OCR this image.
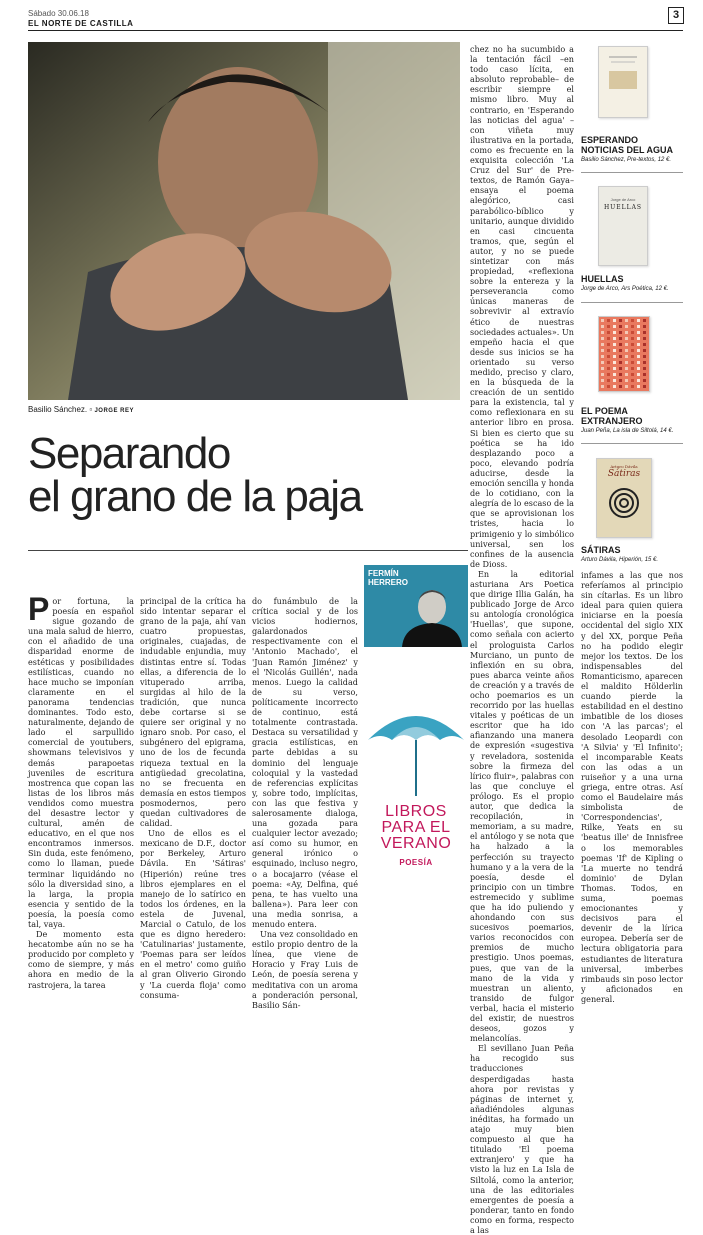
Sábado 30.06.18
EL NORTE DE CASTILLA
3
Basilio Sánchez. ▫ JORGE REY
Separando
el grano de la paja

Por fortuna, la poesía en español sigue gozando de una mala salud de hierro, con el añadido de una disparidad enorme de estéticas y posibilidades estilísticas, cuando no hace mucho se imponían claramente en el panorama tendencias dominantes. Todo esto, naturalmente, dejando de lado el sarpullido comercial de youtubers, showmans televisivos y demás parapoetas juveniles de escritura mostrenca que copan las listas de los libros más vendidos como muestra del desastre lector y cultural, amén de educativo, en el que nos encontramos inmersos. Sin duda, este fenómeno, como lo llaman, puede terminar liquidándo no sólo la diversidad sino, a la larga, la propia esencia y sentido de la poesía, la poesía como tal, vaya.

De momento esta hecatombe aún no se ha producido por completo y como de siempre, y más ahora en medio de la rastrojera, la tarea

principal de la crítica ha sido intentar separar el grano de la paja, ahí van cuatro propuestas, originales, cuajadas, de indudable enjundia, muy distintas entre sí. Todas ellas, a diferencia de lo vituperado arriba, surgidas al hilo de la tradición, que nunca debe cortarse si se quiere ser original y no ignaro snob. Por caso, el subgénero del epigrama, uno de los de fecunda riqueza textual en la antigüedad grecolatina, no se frecuenta en demasía en estos tiempos posmodernos, pero quedan cultivadores de calidad.

Uno de ellos es el mexicano de D.F., doctor por Berkeley, Arturo Dávila. En 'Sátiras' (Hiperión) reúne tres libros ejemplares en el manejo de lo satírico en todos los órdenes, en la estela de Juvenal, Marcial o Catulo, de los que es digno heredero: 'Catulinarias' justamente, 'Poemas para ser leídos en el metro' como guiño al gran Oliverio Girondo y 'La cuerda floja' como consuma-

do funámbulo de la crítica social y de los vicios hodiernos, galardonados respectivamente con el 'Antonio Machado', el 'Juan Ramón Jiménez' y el 'Nicolás Guillén', nada menos. Luego la calidad de su verso, políticamente incorrecto de continuo, está totalmente contrastada. Destaca su versatilidad y gracia estilísticas, en parte debidas a su dominio del lenguaje coloquial y la vastedad de referencias explícitas y, sobre todo, implícitas, con las que festiva y salerosamente dialoga, una gozada para cualquier lector avezado; así como su humor, en general irónico o esquinado, incluso negro, o a bocajarro (véase el poema: «Ay, Delfina, qué pena, te has vuelto una ballena»). Para leer con una media sonrisa, a menudo entera.

Una vez consolidado en estilo propio dentro de la línea, que viene de Horacio y Fray Luis de León, de poesía serena y meditativa con un aroma a ponderación personal, Basilio Sán-

FERMÍN
HERRERO
LIBROS
PARA EL
VERANO
POESÍA

chez no ha sucumbido a la tentación fácil –en todo caso lícita, en absoluto reprobable– de escribir siempre el mismo libro. Muy al contrario, en 'Esperando las noticias del agua' –con viñeta muy ilustrativa en la portada, como es frecuente en la exquisita colección 'La Cruz del Sur' de Pre-textos, de Ramón Gaya– ensaya el poema alegórico, casi parabólico-bíblico y unitario, aunque dividido en casi cincuenta tramos, que, según el autor, y no se puede sintetizar con más propiedad, «reflexiona sobre la entereza y la perseverancia como únicas maneras de sobrevivir al extravío ético de nuestras sociedades actuales». Un empeño hacia el que desde sus inicios se ha orientado su verso medido, preciso y claro, en la búsqueda de la creación de un sentido para la existencia, tal y como reflexionara en su anterior libro en prosa. Si bien es cierto que su poética se ha ido desplazando poco a poco, elevando podría aducirse, desde la emoción sencilla y honda de lo cotidiano, con la alegría de lo escaso de la que se aprovisionan los tristes, hacia lo primigenio y lo simbólico universal, sen los confines de la ausencia de Dioss.

En la editorial asturiana Ars Poetica que dirige Illia Galán, ha publicado Jorge de Arco su antología cronológica 'Huellas', que supone, como señala con acierto el prologuista Carlos Murciano, un punto de inflexión en su obra, pues abarca veinte años de creación y a través de ocho poemarios es un recorrido por las huellas vitales y poéticas de un escritor que ha ido afianzando una manera de expresión «sugestiva y reveladora, sostenida sobre la firmeza del lírico fluir», palabras con las que concluye el prólogo. Es el propio autor, que dedica la recopilación, in memoriam, a su madre, el antólogo y se nota que ha halzado a la perfección su trayecto humano y a la vera de la poesía, desde el principio con un timbre estremecido y sublime que ha ido puliendo y ahondando con sus sucesivos poemarios, varios reconocidos con premios de mucho prestigio. Unos poemas, pues, que van de la mano de la vida y muestran un aliento, transido de fulgor verbal, hacia el misterio del existir, de nuestros deseos, gozos y melancolías.

El sevillano Juan Peña ha recogido sus traducciones desperdigadas hasta ahora por revistas y páginas de internet y, añadiéndoles algunas inéditas, ha formado un atajo muy bien compuesto al que ha titulado 'El poema extranjero' y que ha visto la luz en La Isla de Siltolá, como la anterior, una de las editoriales emergentes de poesía a ponderar, tanto en fondo como en forma, respecto a las

infames a las que nos referíamos al principio sin cítarlas. Es un libro ideal para quien quiera iniciarse en la poesía occidental del siglo XIX y del XX, porque Peña no ha podido elegir mejor los textos. De los indispensables del Romanticismo, aparecen el maldito Hölderlin cuando pierde la estabilidad en el destino imbatible de los dioses con 'A las parcas'; el desolado Leopardi con 'A Silvia' y 'El Infinito'; el incomparable Keats con las odas a un ruiseñor y a una urna griega, entre otras. Así como el Baudelaire más simbolista de 'Correspondencias', Rilke, Yeats en su 'beatus ille' de Innisfree o los memorables poemas 'If' de Kipling o 'La muerte no tendrá dominio' de Dylan Thomas. Todos, en suma, poemas emocionantes y decisivos para el devenir de la lírica europea. Debería ser de lectura obligatoria para estudiantes de literatura universal, imberbes rimbauds sin poso lector y aficionados en general.

ESPERANDO NOTICIAS DEL AGUA

Basilio Sánchez, Pre-textos, 12 €.
Jorge de Arco
HUELLAS

HUELLAS

Jorge de Arco, Ars Poética, 12 €.

EL POEMA EXTRANJERO

Juan Peña, La isla de Siltolá, 14 €.
Arturo Dávila
Sátiras

SÁTIRAS

Arturo Dávila, Hiperión, 15 €.
